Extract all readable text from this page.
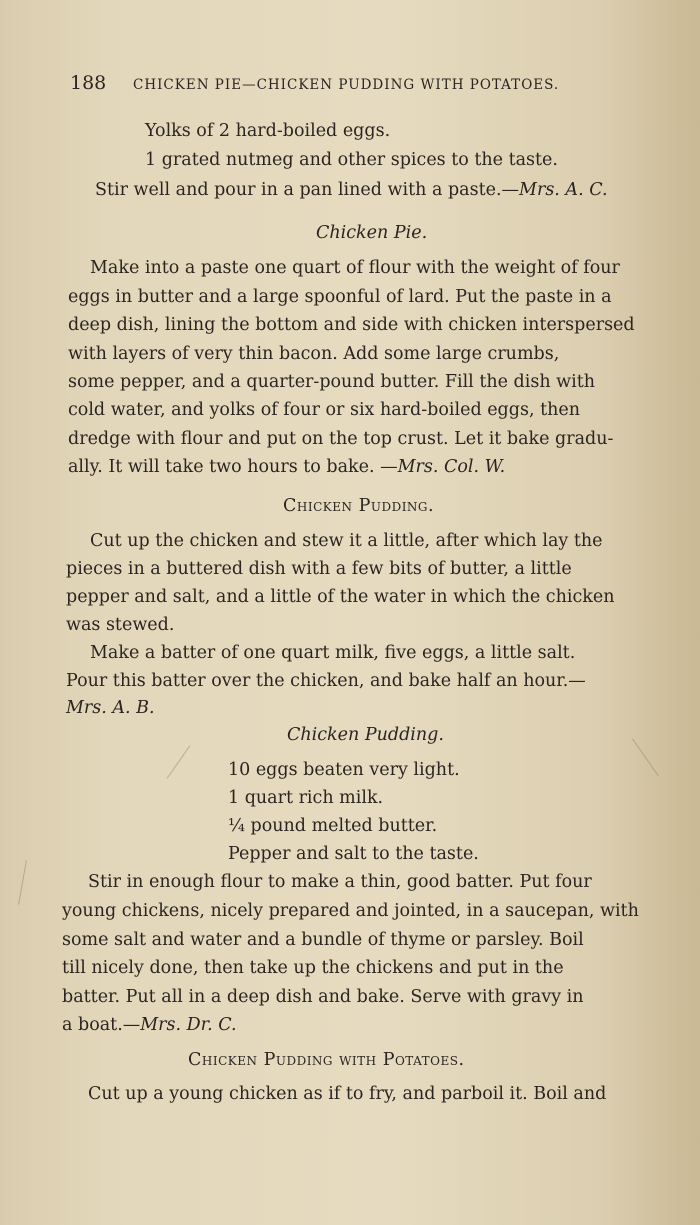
188 CHICKEN PIE—CHICKEN PUDDING WITH POTATOES.
Yolks of 2 hard-boiled eggs.
1 grated nutmeg and other spices to the taste.
Stir well and pour in a pan lined with a paste.—Mrs. A. C.
Chicken Pie.
Make into a paste one quart of flour with the weight of four
eggs in butter and a large spoonful of lard. Put the paste in a
deep dish, lining the bottom and side with chicken interspersed
with layers of very thin bacon. Add some large crumbs,
some pepper, and a quarter-pound butter. Fill the dish with
cold water, and yolks of four or six hard-boiled eggs, then
dredge with flour and put on the top crust. Let it bake gradu-
ally. It will take two hours to bake. —Mrs. Col. W.
Chicken Pudding.
Cut up the chicken and stew it a little, after which lay the
pieces in a buttered dish with a few bits of butter, a little
pepper and salt, and a little of the water in which the chicken
was stewed.
Make a batter of one quart milk, five eggs, a little salt.
Pour this batter over the chicken, and bake half an hour.—
Mrs. A. B.
Chicken Pudding.
10 eggs beaten very light.
1 quart rich milk.
¼ pound melted butter.
Pepper and salt to the taste.
Stir in enough flour to make a thin, good batter. Put four
young chickens, nicely prepared and jointed, in a saucepan, with
some salt and water and a bundle of thyme or parsley. Boil
till nicely done, then take up the chickens and put in the
batter. Put all in a deep dish and bake. Serve with gravy in
a boat.—Mrs. Dr. C.
Chicken Pudding with Potatoes.
Cut up a young chicken as if to fry, and parboil it. Boil and
